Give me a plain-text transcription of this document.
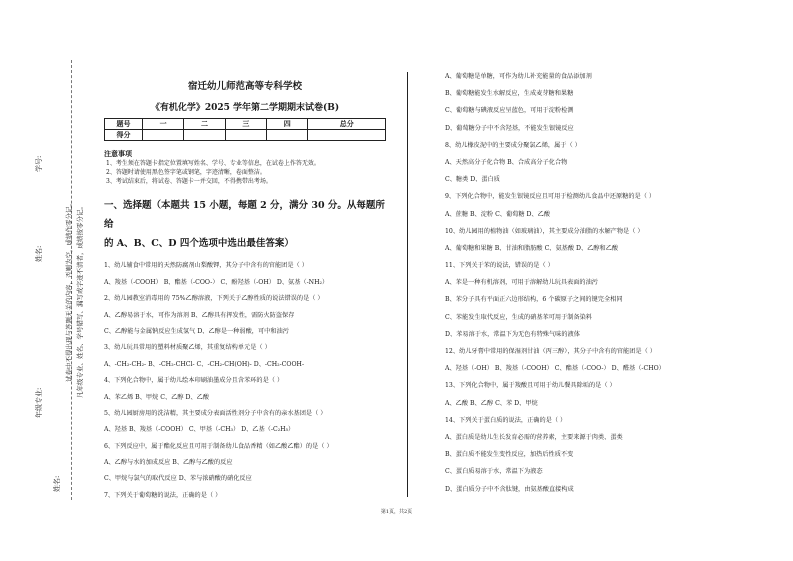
学号:
姓名:
年级专业:
姓名:
试卷中不得出现与答题无关的内容，否则为空，成绩作零分记。 凡年级专业、姓名、学号错写、漏写或字迹不清者，成绩按零分记。
宿迁幼儿师范高等专科学校
《有机化学》2025 学年第二学期期末试卷(B)
题号	一	二	三	四	总分
得分					
注意事项
1、考生须在答题卡指定位置填写姓名、学号、专业等信息，在试卷上作答无效。
2、答题时请使用黑色签字笔或钢笔，字迹清晰，卷面整洁。
3、考试结束后，将试卷、答题卡一并交回，不得携带出考场。
一、选择题（本题共 15 小题，每题 2 分，满分 30 分。从每题所给
的 A、B、C、D 四个选项中选出最佳答案）
1、幼儿辅食中常用的天然防腐剂山梨酸钾，其分子中含有的官能团是（ ）
A、羧基（-COOH） B、酯基（-COO-） C、酚羟基（-OH） D、氨基（-NH₂）
2、幼儿园教室消毒用的 75%乙醇溶液，下列关于乙醇性质的说法错误的是（ ）
A、乙醇易溶于水，可作为溶剂 B、乙醇具有挥发性，需防火防盗保存
C、乙醇能与金属钠反应生成氢气 D、乙醇是一种弱酸，可中和油污
3、幼儿玩具常用的塑料材质聚乙烯，其重复结构单元是（ ）
A、-CH₂-CH₂- B、-CH₂-CHCl- C、-CH₂-CH(OH)- D、-CH₂-COOH-
4、下列化合物中，属于幼儿绘本印刷油墨成分且含苯环的是（ ）
A、苯乙烯 B、甲烷 C、乙醇 D、乙酸
5、幼儿园厨房用的洗洁精，其主要成分表面活性剂分子中含有的亲水基团是（ ）
A、羟基 B、羧基（-COOH） C、甲基（-CH₃） D、乙基（-C₂H₅）
6、下列反应中，属于酯化反应且可用于制备幼儿食品香精（如乙酸乙酯）的是（ ）
A、乙醇与水的加成反应 B、乙醇与乙酸的反应
C、甲烷与氯气的取代反应 D、苯与浓硝酸的硝化反应
7、下列关于葡萄糖的说法，正确的是（ ）
A、葡萄糖是单糖，可作为幼儿补充能量的食品添加剂
B、葡萄糖能发生水解反应，生成麦芽糖和果糖
C、葡萄糖与碘液反应呈蓝色，可用于淀粉检测
D、葡萄糖分子中不含羟基，不能发生银镜反应
8、幼儿橡皮泥中的主要成分聚氯乙烯，属于（ ）
A、天然高分子化合物 B、合成高分子化合物
C、糖类 D、蛋白质
9、下列化合物中，能发生银镜反应且可用于检测幼儿食品中还原糖的是（ ）
A、蔗糖 B、淀粉 C、葡萄糖 D、乙酸
10、幼儿园用的植物油（如玻璃油），其主要成分油脂的水解产物是（ ）
A、葡萄糖和果糖 B、甘油和脂肪酸 C、氨基酸 D、乙醇和乙酸
11、下列关于苯的说法，错误的是（ ）
A、苯是一种有机溶剂，可用于溶解幼儿玩具表面的油污
B、苯分子具有平面正六边形结构，6 个碳原子之间的键完全相同
C、苯能发生取代反应，生成的硝基苯可用于制备染料
D、苯易溶于水，常温下为无色有特殊气味的液体
12、幼儿牙膏中常用的保湿剂甘油（丙三醇），其分子中含有的官能团是（ ）
A、羟基（-OH） B、羧基（-COOH） C、酯基（-COO-） D、醛基（-CHO）
13、下列化合物中，属于羧酸且可用于幼儿餐具除垢的是（ ）
A、乙酸 B、乙醇 C、苯 D、甲烷
14、下列关于蛋白质的说法，正确的是（ ）
A、蛋白质是幼儿生长发育必需的营养素，主要来源于肉类、蛋类
B、蛋白质不能发生变性反应，加热后性质不变
C、蛋白质易溶于水，常温下为液态
D、蛋白质分子中不含肽键，由氨基酸直接构成
第1页，共2页
